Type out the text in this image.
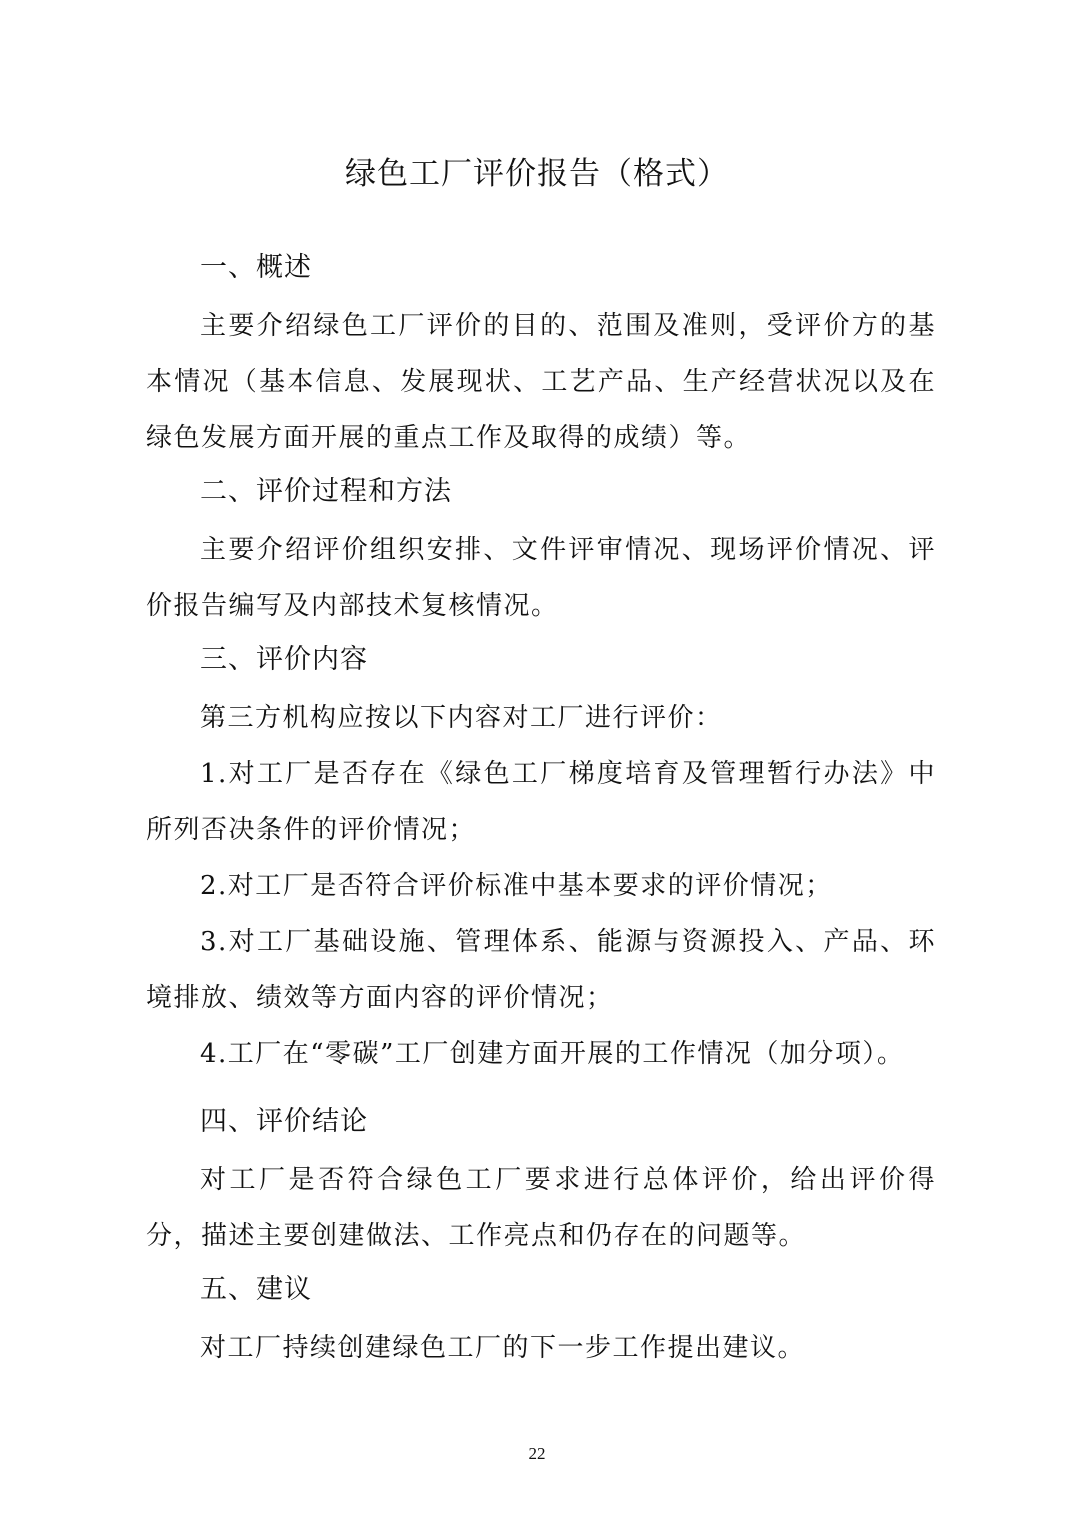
绿色工厂评价报告（格式）
一、概述
主要介绍绿色工厂评价的目的、范围及准则，受评价方的基本情况（基本信息、发展现状、工艺产品、生产经营状况以及在绿色发展方面开展的重点工作及取得的成绩）等。
二、评价过程和方法
主要介绍评价组织安排、文件评审情况、现场评价情况、评价报告编写及内部技术复核情况。
三、评价内容
第三方机构应按以下内容对工厂进行评价：
1.对工厂是否存在《绿色工厂梯度培育及管理暂行办法》中所列否决条件的评价情况；
2.对工厂是否符合评价标准中基本要求的评价情况；
3.对工厂基础设施、管理体系、能源与资源投入、产品、环境排放、绩效等方面内容的评价情况；
4.工厂在“零碳”工厂创建方面开展的工作情况（加分项）。
四、评价结论
对工厂是否符合绿色工厂要求进行总体评价，给出评价得分，描述主要创建做法、工作亮点和仍存在的问题等。
五、建议
对工厂持续创建绿色工厂的下一步工作提出建议。
22
